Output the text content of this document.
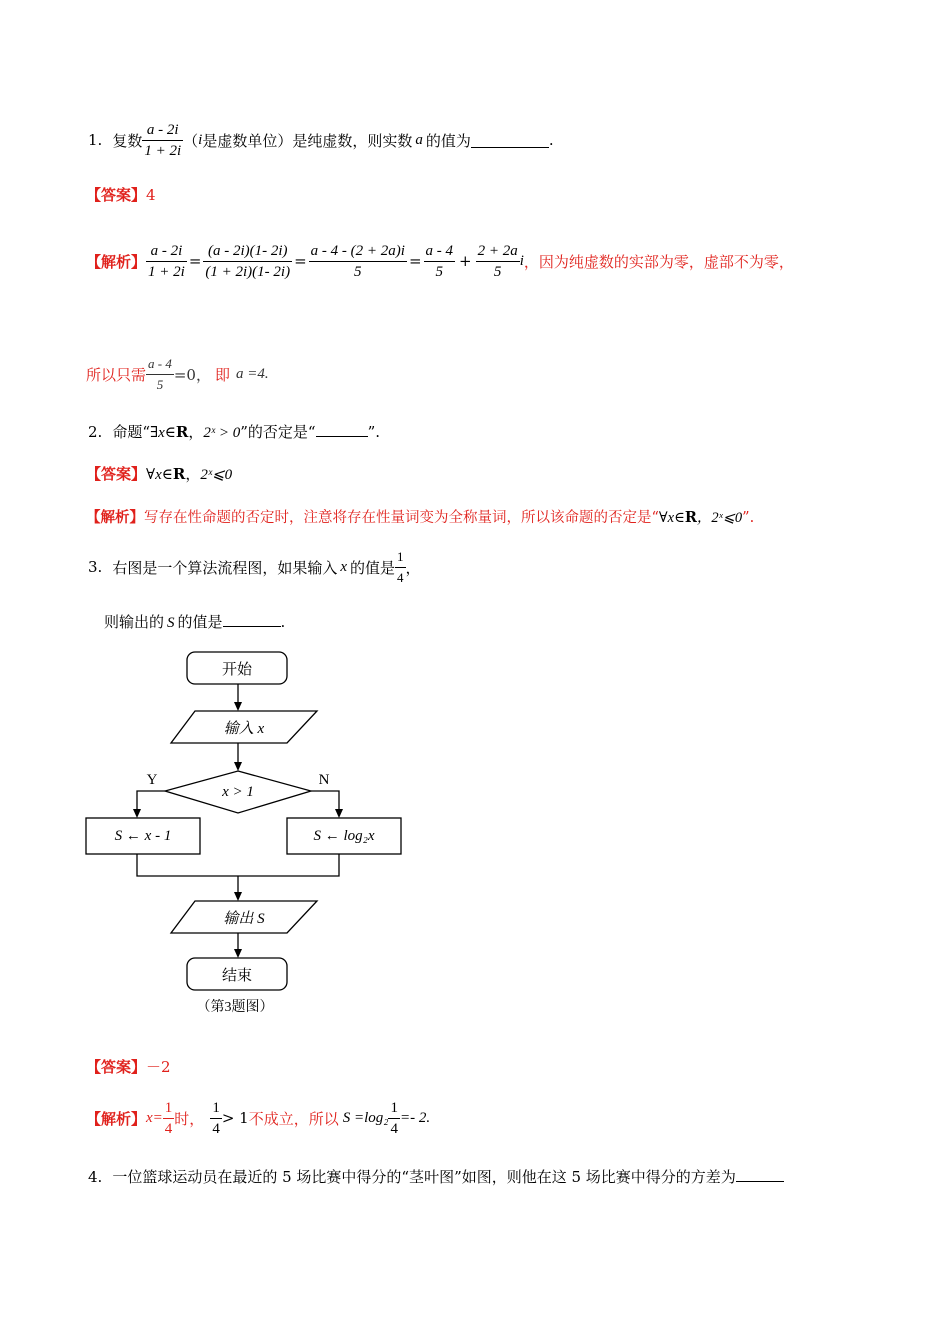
1. 复数 $\frac{a - 2i}{1 + 2i}$ （ i 是虚数单位）是纯虚数，则实数 a 的值为	.
【答案】4
【解析】 $\frac{a - 2i}{1 + 2i} = \frac{(a - 2i)(1- 2i)}{(1 + 2i)(1- 2i)} = \frac{a - 4 - (2 + 2a)i}{5} = \frac{a - 4}{5} + \frac{2 + 2a}{5}$ i ，因为纯虚数的实部为零，虚部不为零，
所以只需 $\frac{a - 4}{5} =0$， 即 a =4.
2. 命题“∃x∈R，2ˣ > 0”的否定是“	”.
【答案】∀x∈R，2ˣ⩽0
【解析】写存在性命题的否定时，注意将存在性量词变为全称量词，所以该命题的否定是“∀x∈R，2ˣ⩽0”.
3. 右图是一个算法流程图，如果输入 x 的值是 $\frac{1}{4}$ ，
则输出的 S 的值是	.
开始
输入 x
x > 1
Y	N
S ← x - 1	S ← log₂x
输出 S
结束
（第3题图）
【答案】－2
【解析】 $x= \frac{1}{4}$ 时， $\frac{1}{4} > 1$ 不成立，所以 $S =\log_2 \frac{1}{4} =- 2$.
4. 一位篮球运动员在最近的 5 场比赛中得分的“茎叶图”如图，则他在这 5 场比赛中得分的方差为
